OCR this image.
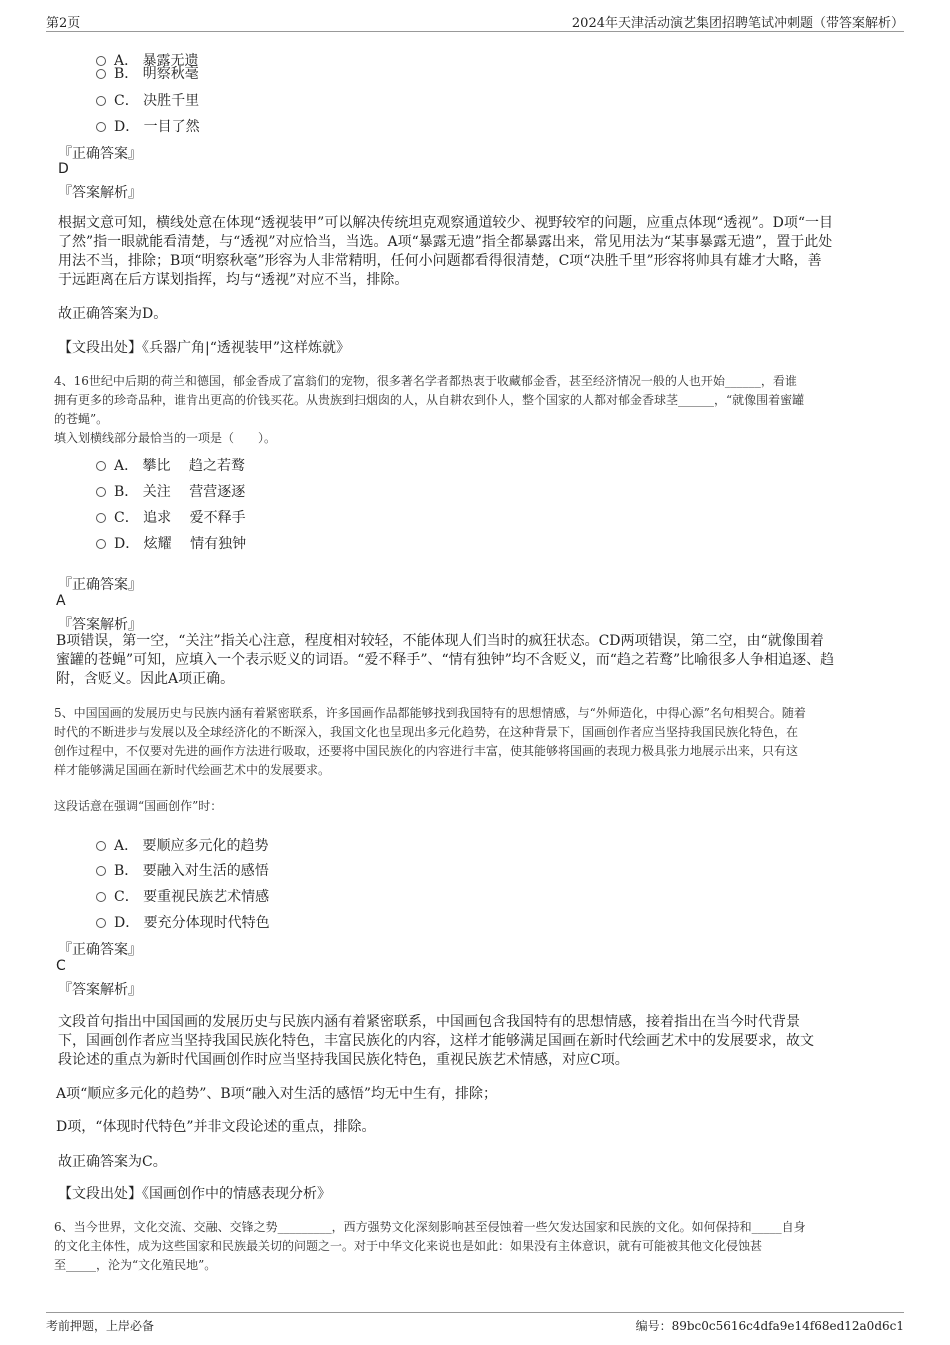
第2页	2024年天津活动演艺集团招聘笔试冲刺题（带答案解析）
A． 暴露无遗
B． 明察秋毫
C． 决胜千里
D． 一目了然
『正确答案』
D
『答案解析』
根据文意可知，横线处意在体现“透视装甲”可以解决传统坦克观察通道较少、视野较窄的问题，应重点体现“透视”。D项“一目
了然”指一眼就能看清楚，与“透视”对应恰当，当选。A项“暴露无遗”指全都暴露出来，常见用法为“某事暴露无遗”，置于此处
用法不当，排除；B项“明察秋毫”形容为人非常精明，任何小问题都看得很清楚，C项“决胜千里”形容将帅具有雄才大略，善
于远距离在后方谋划指挥，均与“透视”对应不当，排除。
故正确答案为D。
【文段出处】《兵器广角|“透视装甲”这样炼就》
4、16世纪中后期的荷兰和德国，郁金香成了富翁们的宠物，很多著名学者都热衷于收藏郁金香，甚至经济情况一般的人也开始______，看谁
拥有更多的珍奇品种，谁肯出更高的价钱买花。从贵族到扫烟囱的人，从自耕农到仆人，整个国家的人都对郁金香球茎______，“就像围着蜜罐
的苍蝇”。
填入划横线部分最恰当的一项是（　　）。
A． 攀比　 趋之若鹜
B． 关注　 营营逐逐
C． 追求　 爱不释手
D． 炫耀　 情有独钟
『正确答案』
A
『答案解析』
B项错误，第一空，“关注”指关心注意，程度相对较轻，不能体现人们当时的疯狂状态。CD两项错误，第二空，由“就像围着
蜜罐的苍蝇”可知，应填入一个表示贬义的词语。“爱不释手”、“情有独钟”均不含贬义，而“趋之若鹜”比喻很多人争相追逐、趋
附，含贬义。因此A项正确。
5、中国国画的发展历史与民族内涵有着紧密联系，许多国画作品都能够找到我国特有的思想情感，与“外师造化，中得心源”名句相契合。随着
时代的不断进步与发展以及全球经济化的不断深入，我国文化也呈现出多元化趋势，在这种背景下，国画创作者应当坚持我国民族化特色，在
创作过程中，不仅要对先进的画作方法进行吸取，还要将中国民族化的内容进行丰富，使其能够将国画的表现力极具张力地展示出来，只有这
样才能够满足国画在新时代绘画艺术中的发展要求。
这段话意在强调“国画创作”时：
A． 要顺应多元化的趋势
B． 要融入对生活的感悟
C． 要重视民族艺术情感
D． 要充分体现时代特色
『正确答案』
C
『答案解析』
文段首句指出中国国画的发展历史与民族内涵有着紧密联系，中国画包含我国特有的思想情感，接着指出在当今时代背景
下，国画创作者应当坚持我国民族化特色，丰富民族化的内容，这样才能够满足国画在新时代绘画艺术中的发展要求，故文
段论述的重点为新时代国画创作时应当坚持我国民族化特色，重视民族艺术情感，对应C项。
A项“顺应多元化的趋势”、B项“融入对生活的感悟”均无中生有，排除；
D项，“体现时代特色”并非文段论述的重点，排除。
故正确答案为C。
【文段出处】《国画创作中的情感表现分析》
6、当今世界，文化交流、交融、交锋之势_________，西方强势文化深刻影响甚至侵蚀着一些欠发达国家和民族的文化。如何保持和_____自身
的文化主体性，成为这些国家和民族最关切的问题之一。对于中华文化来说也是如此：如果没有主体意识，就有可能被其他文化侵蚀甚
至_____，沦为“文化殖民地”。
考前押题，上岸必备	编号：89bc0c5616c4dfa9e14f68ed12a0d6c1
